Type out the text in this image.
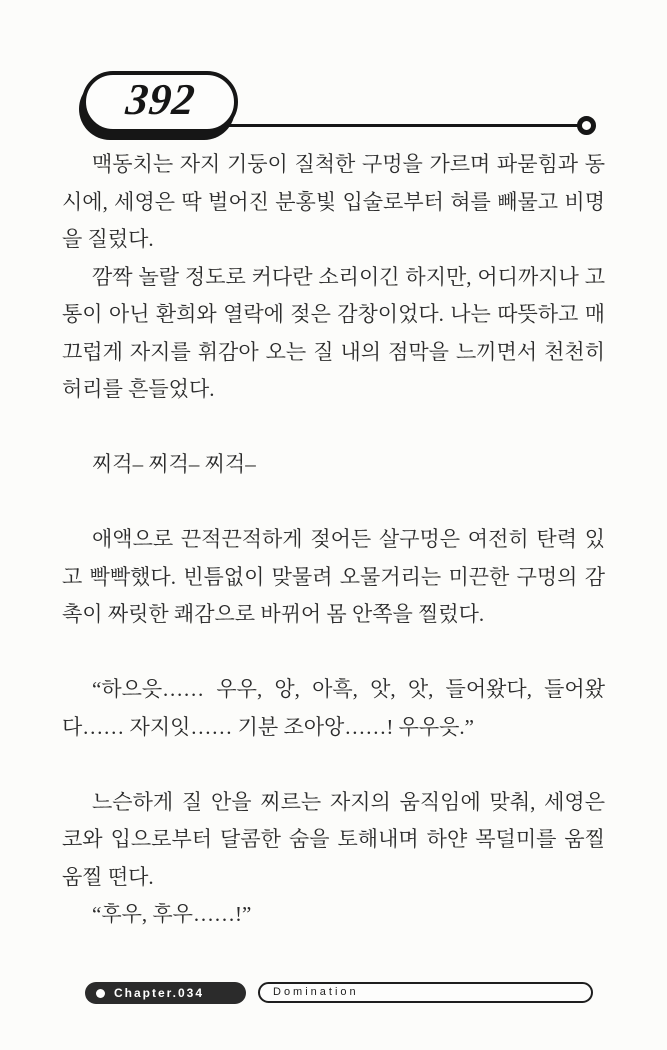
392

맥동치는 자지 기둥이 질척한 구멍을 가르며 파묻힘과 동시에, 세영은 딱 벌어진 분홍빛 입술로부터 혀를 빼물고 비명을 질렀다.

깜짝 놀랄 정도로 커다란 소리이긴 하지만, 어디까지나 고통이 아닌 환희와 열락에 젖은 감창이었다. 나는 따뜻하고 매끄럽게 자지를 휘감아 오는 질 내의 점막을 느끼면서 천천히 허리를 흔들었다.

찌걱– 찌걱– 찌걱–

애액으로 끈적끈적하게 젖어든 살구멍은 여전히 탄력 있고 빡빡했다. 빈틈없이 맞물려 오물거리는 미끈한 구멍의 감촉이 짜릿한 쾌감으로 바뀌어 몸 안쪽을 찔렀다.

“하으읏…… 우우, 앙, 아흑, 앗, 앗, 들어왔다, 들어왔다…… 자지잇…… 기분 조아앙……! 우우읏.”

느슨하게 질 안을 찌르는 자지의 움직임에 맞춰, 세영은 코와 입으로부터 달콤한 숨을 토해내며 하얀 목덜미를 움찔움찔 떤다.

“후우, 후우……!”

Chapter.034	Domination
